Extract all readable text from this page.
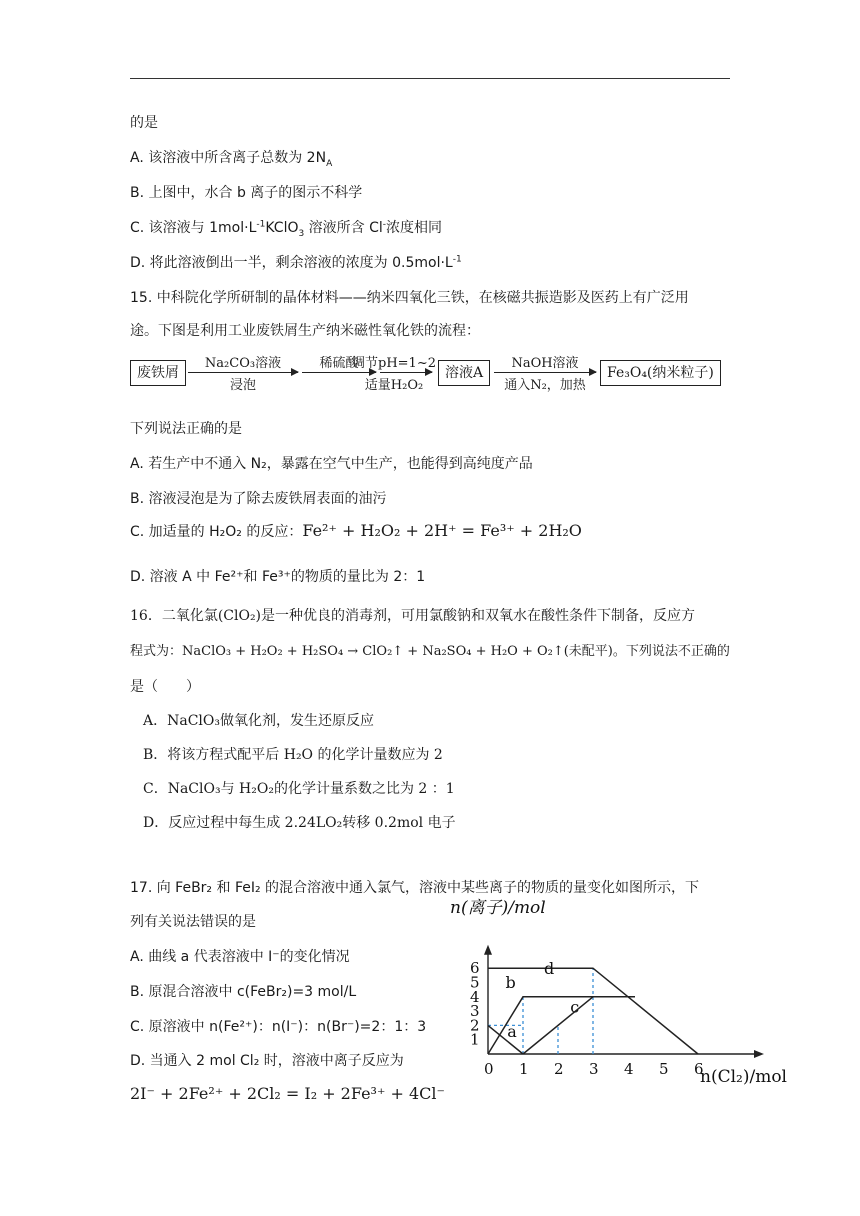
的是
A. 该溶液中所含离子总数为 $2N_A$
B. 上图中，水合 b 离子的图示不科学
C. 该溶液与 $1mol\cdot L^{-1}KClO_3$ 溶液所含 Cl-浓度相同
D. 将此溶液倒出一半，剩余溶液的浓度为 $0.5mol\cdot L^{-1}$
15. 中科院化学所研制的晶体材料——纳米四氧化三铁，在核磁共振造影及医药上有广泛用
途。下图是利用工业废铁屑生产纳米磁性氧化铁的流程：
废铁屑
Na₂CO₃溶液
浸泡
稀硫酸
调节pH=1~2
适量H₂O₂
溶液A
NaOH溶液
通入N₂，加热
Fe₃O₄(纳米粒子)
下列说法正确的是
A. 若生产中不通入 N₂，暴露在空气中生产，也能得到高纯度产品
B. 溶液浸泡是为了除去废铁屑表面的油污
C. 加适量的 H₂O₂ 的反应：Fe²⁺ + H₂O₂ + 2H⁺ = Fe³⁺ + 2H₂O
D. 溶液 A 中 Fe²⁺和 Fe³⁺的物质的量比为 2：1
16．二氧化氯(ClO₂)是一种优良的消毒剂，可用氯酸钠和双氧水在酸性条件下制备，反应方
程式为：NaClO₃ + H₂O₂ + H₂SO₄ → ClO₂↑ + Na₂SO₄ + H₂O + O₂↑(未配平)。下列说法不正确的
是（　　）
A．NaClO₃做氧化剂，发生还原反应
B．将该方程式配平后 H₂O 的化学计量数应为 2
C．NaClO₃与 H₂O₂的化学计量系数之比为 2 ：1
D．反应过程中每生成 2.24LO₂转移 0.2mol 电子
17. 向 FeBr₂ 和 FeI₂ 的混合溶液中通入氯气，溶液中某些离子的物质的量变化如图所示，下
列有关说法错误的是
A. 曲线 a 代表溶液中 I⁻的变化情况
B. 原混合溶液中 c(FeBr₂)=3 mol/L
C. 原溶液中 n(Fe²⁺)：n(I⁻)：n(Br⁻)=2：1：3
D. 当通入 2 mol Cl₂ 时，溶液中离子反应为
2I⁻ + 2Fe²⁺ + 2Cl₂ = I₂ + 2Fe³⁺ + 4Cl⁻
0 1 2 3 4 5 6
1
2
3
4
5
6
a
b
c
d
n(离子)/mol
n(Cl₂)/mol
